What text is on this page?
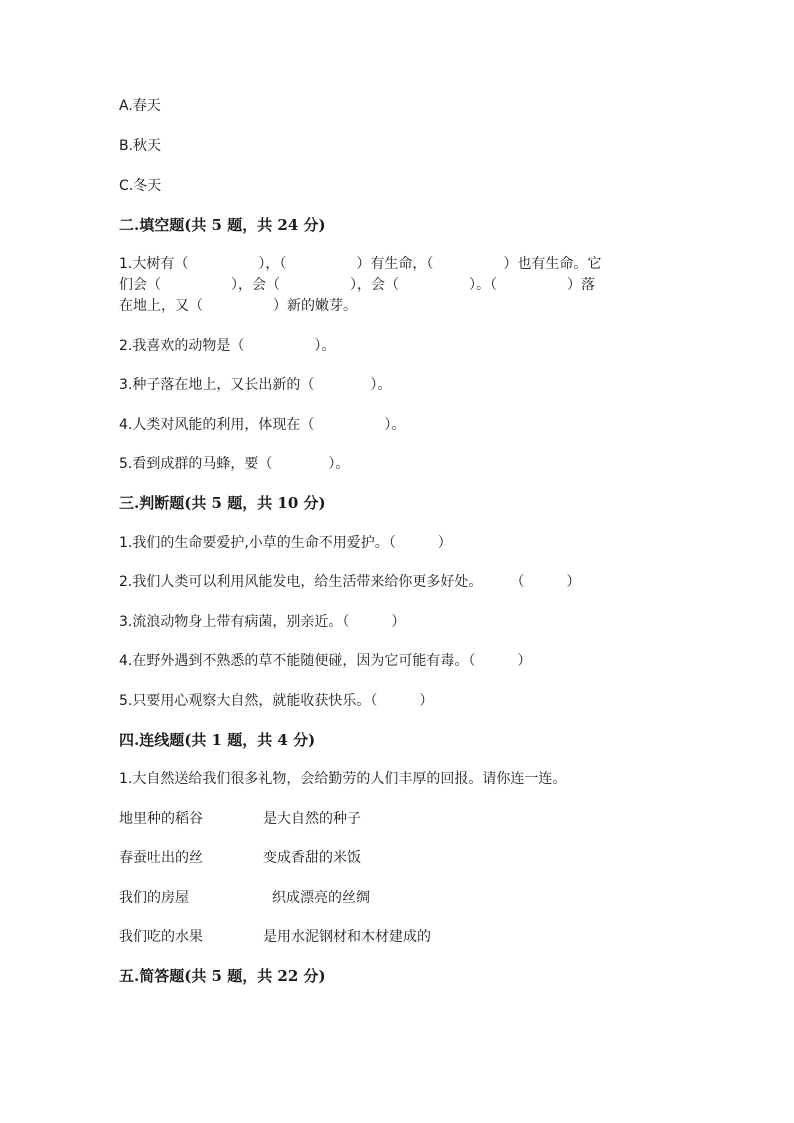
A.春天
B.秋天
C.冬天
二.填空题(共 5 题，共 24 分)
1.大树有（　　　　　），（　　　　　）有生命，（　　　　　）也有生命。它
们会（　　　　　），会（　　　　　），会（　　　　　）。（　　　　　）落
在地上，又（　　　　　）新的嫩芽。
2.我喜欢的动物是（　　　　　）。
3.种子落在地上，又长出新的（　　　　）。
4.人类对风能的利用，体现在（　　　　　）。
5.看到成群的马蜂，要（　　　　）。
三.判断题(共 5 题，共 10 分)
1.我们的生命要爱护,小草的生命不用爱护。（　　　）
2.我们人类可以利用风能发电，给生活带来给你更多好处。　　　（　　　）
3.流浪动物身上带有病菌，别亲近。（　　　）
4.在野外遇到不熟悉的草不能随便碰，因为它可能有毒。（　　　）
5.只要用心观察大自然，就能收获快乐。（　　　）
四.连线题(共 1 题，共 4 分)
1.大自然送给我们很多礼物，会给勤劳的人们丰厚的回报。请你连一连。
地里种的稻谷	是大自然的种子
春蚕吐出的丝	变成香甜的米饭
我们的房屋	织成漂亮的丝绸
我们吃的水果	是用水泥钢材和木材建成的
五.简答题(共 5 题，共 22 分)
